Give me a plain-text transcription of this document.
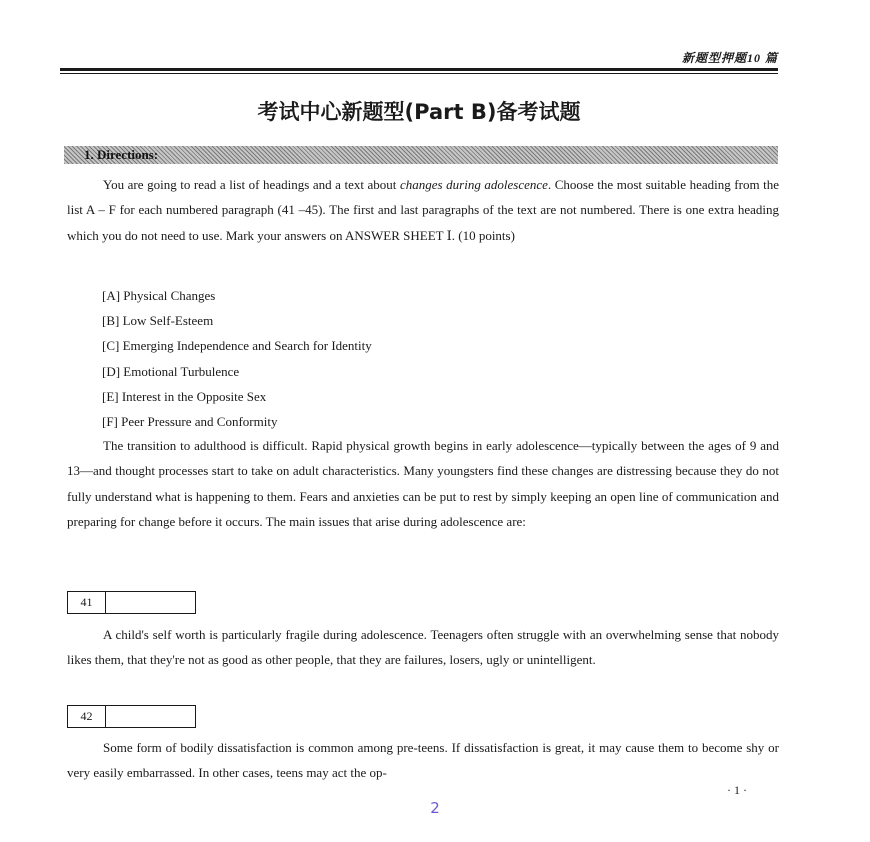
新题型押题10 篇
考试中心新题型(Part B)备考试题
1. Directions:

You are going to read a list of headings and a text about changes during adolescence. Choose the most suitable heading from the list A – F for each numbered paragraph (41 –45). The first and last paragraphs of the text are not numbered. There is one extra heading which you do not need to use. Mark your answers on ANSWER SHEET Ⅰ. (10 points)

[A] Physical Changes
[B] Low Self-Esteem
[C] Emerging Independence and Search for Identity
[D] Emotional Turbulence
[E] Interest in the Opposite Sex
[F] Peer Pressure and Conformity

The transition to adulthood is difficult. Rapid physical growth begins in early adolescence—typically between the ages of 9 and 13—and thought processes start to take on adult characteristics. Many youngsters find these changes are distressing because they do not fully understand what is happening to them. Fears and anxieties can be put to rest by simply keeping an open line of communication and preparing for change before it occurs. The main issues that arise during adolescence are:

41

A child's self worth is particularly fragile during adolescence. Teenagers often struggle with an overwhelming sense that nobody likes them, that they're not as good as other people, that they are failures, losers, ugly or unintelligent.

42

Some form of bodily dissatisfaction is common among pre-teens. If dissatisfaction is great, it may cause them to become shy or very easily embarrassed. In other cases, teens may act the op-

· 1 ·
2
